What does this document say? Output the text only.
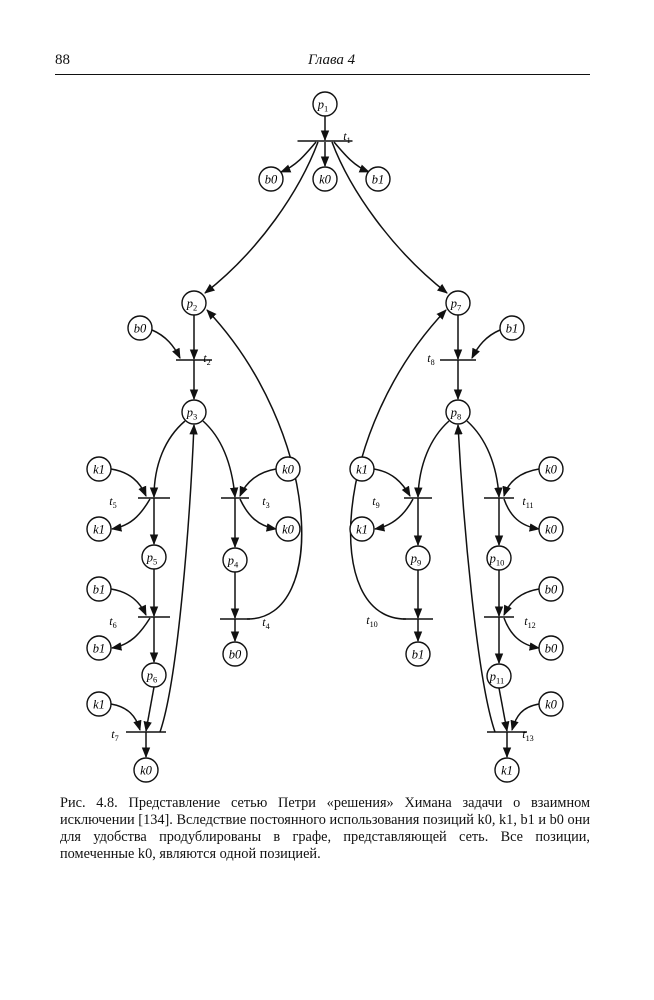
88	Глава 4
$t_1$
$t_2$
$t_3$
$t_4$
$t_5$
$t_6$
$t_7$
$t_8$
$t_9$
$t_{10}$
$t_{11}$
$t_{12}$
$t_{13}$
$p_1$
b0	k0	b1
$p_2$
b0
$p_3$
k1
k1
k0
k0
$p_5$	$p_4$
b1
b1	b0
$p_6$
k1
k0
$p_7$
b1
$p_8$
k1
k1
k0
k0
$p_9$	$p_{10}$
b1
b0
b0
$p_{11}$
k0
k1
Рис. 4.8. Представление сетью Петри «решения» Химана задачи о взаимном исключении [134]. Вследствие постоянного использования позиций k0, k1, b1 и b0 они для удобства продублированы в графе, представляющей сеть. Все позиции, помеченные k0, являются одной позицией.
